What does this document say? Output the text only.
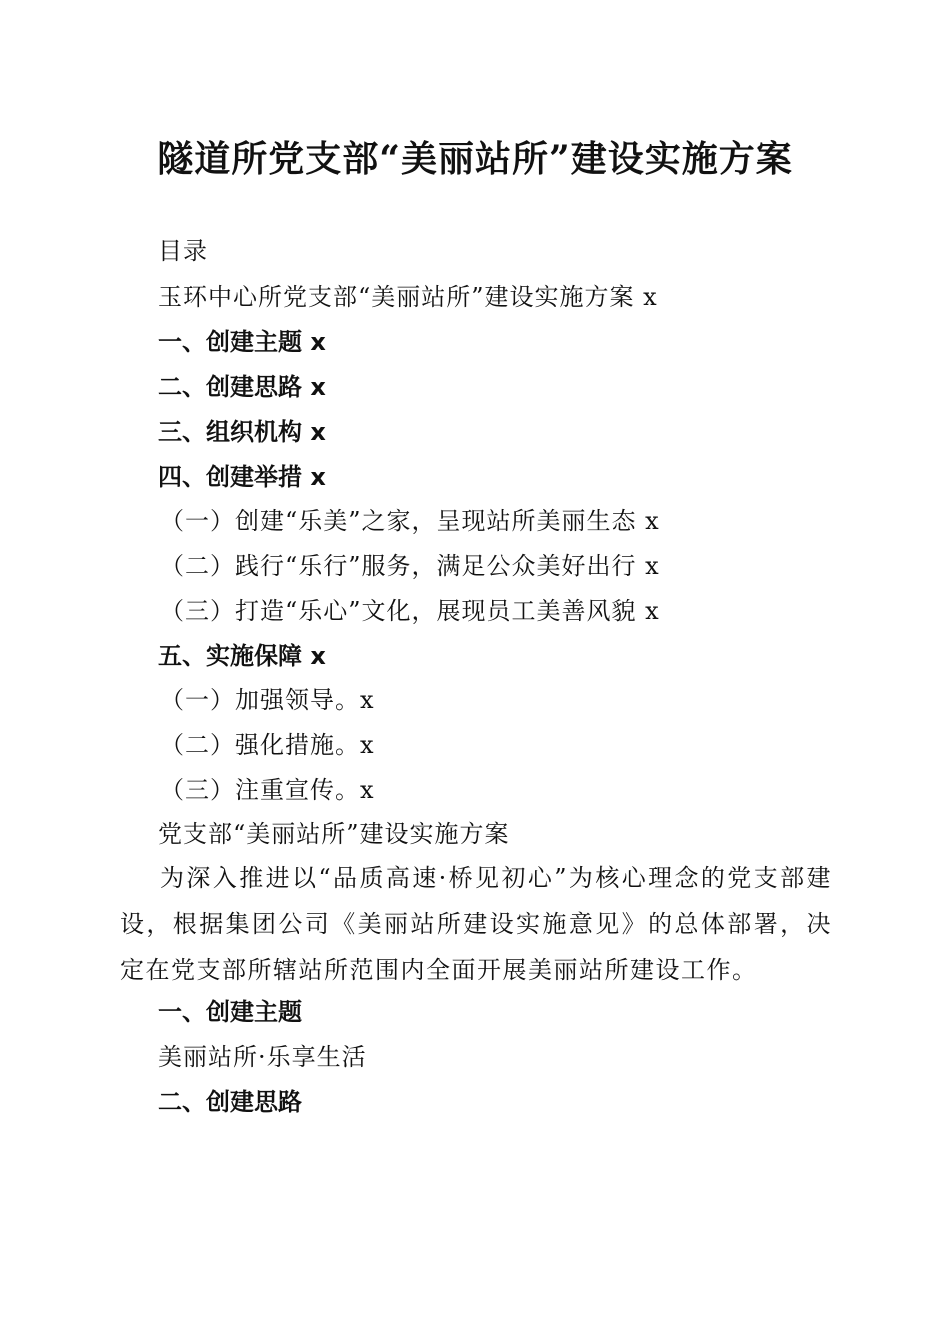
隧道所党支部“美丽站所”建设实施方案
目录
玉环中心所党支部“美丽站所”建设实施方案 x
一、创建主题 x
二、创建思路 x
三、组织机构 x
四、创建举措 x
（一）创建“乐美”之家，呈现站所美丽生态 x
（二）践行“乐行”服务，满足公众美好出行 x
（三）打造“乐心”文化，展现员工美善风貌 x
五、实施保障 x
（一）加强领导。x
（二）强化措施。x
（三）注重宣传。x
党支部“美丽站所”建设实施方案
为深入推进以“品质高速·桥见初心”为核心理念的党支部建设，根据集团公司《美丽站所建设实施意见》的总体部署，决定在党支部所辖站所范围内全面开展美丽站所建设工作。
一、创建主题
美丽站所·乐享生活
二、创建思路
